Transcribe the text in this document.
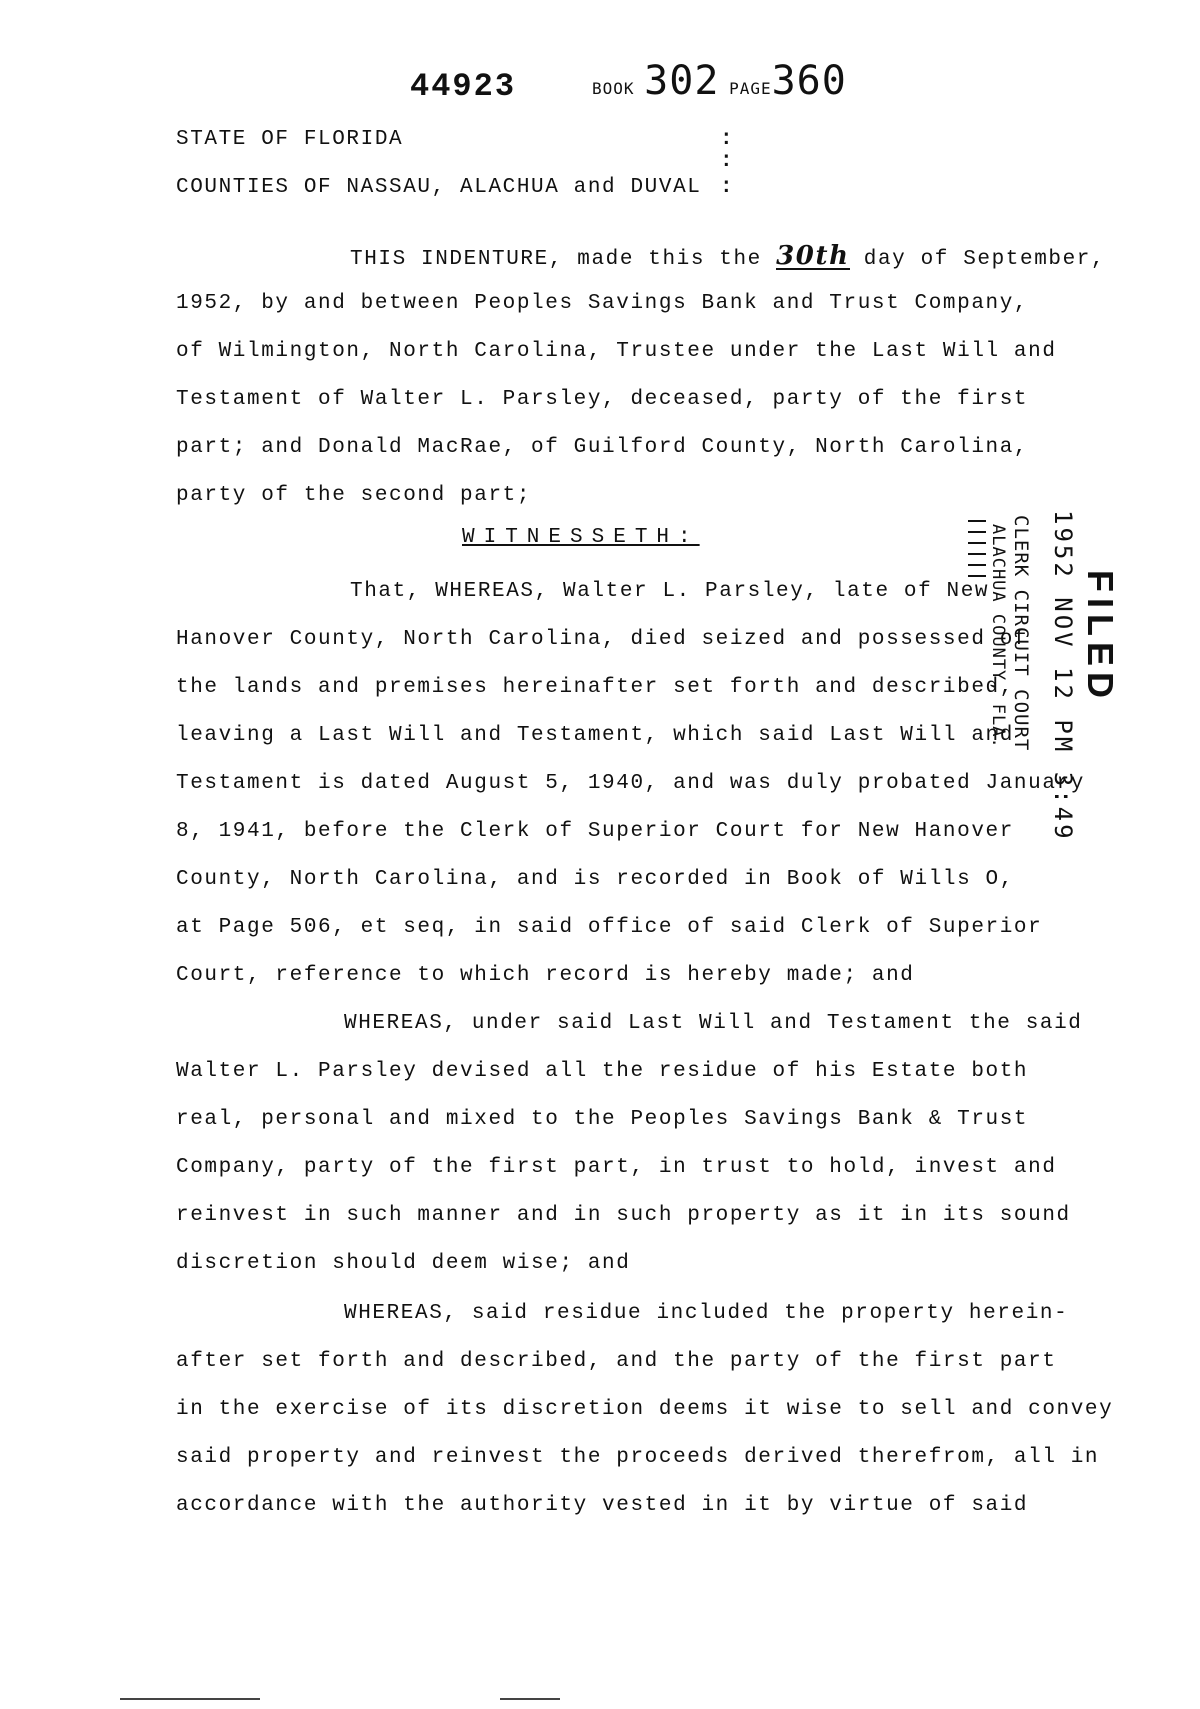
44923	BOOK 302 PAGE360
STATE OF FLORIDA	:
:
COUNTIES OF NASSAU, ALACHUA and DUVAL :
THIS INDENTURE, made this the 30th day of September,
1952, by and between Peoples Savings Bank and Trust Company,
of Wilmington, North Carolina, Trustee under the Last Will and
Testament of Walter L. Parsley, deceased, party of the first
part; and Donald MacRae, of Guilford County, North Carolina,
party of the second part;
WITNESSETH:
That, WHEREAS, Walter L. Parsley, late of New
Hanover County, North Carolina, died seized and possessed of
the lands and premises hereinafter set forth and described,
leaving a Last Will and Testament, which said Last Will and
Testament is dated August 5, 1940, and was duly probated January
8, 1941, before the Clerk of Superior Court for New Hanover
County, North Carolina, and is recorded in Book of Wills O,
at Page 506, et seq, in said office of said Clerk of Superior
Court, reference to which record is hereby made; and
WHEREAS, under said Last Will and Testament the said
Walter L. Parsley devised all the residue of his Estate both
real, personal and mixed to the Peoples Savings Bank & Trust
Company, party of the first part, in trust to hold, invest and
reinvest in such manner and in such property as it in its sound
discretion should deem wise; and
WHEREAS, said residue included the property herein-
after set forth and described, and the party of the first part
in the exercise of its discretion deems it wise to sell and convey
said property and reinvest the proceeds derived therefrom, all in
accordance with the authority vested in it by virtue of said
FILED
1952 NOV 12 PM 3:49
CLERK CIRCUIT COURT
ALACHUA COUNTY, FLA.
